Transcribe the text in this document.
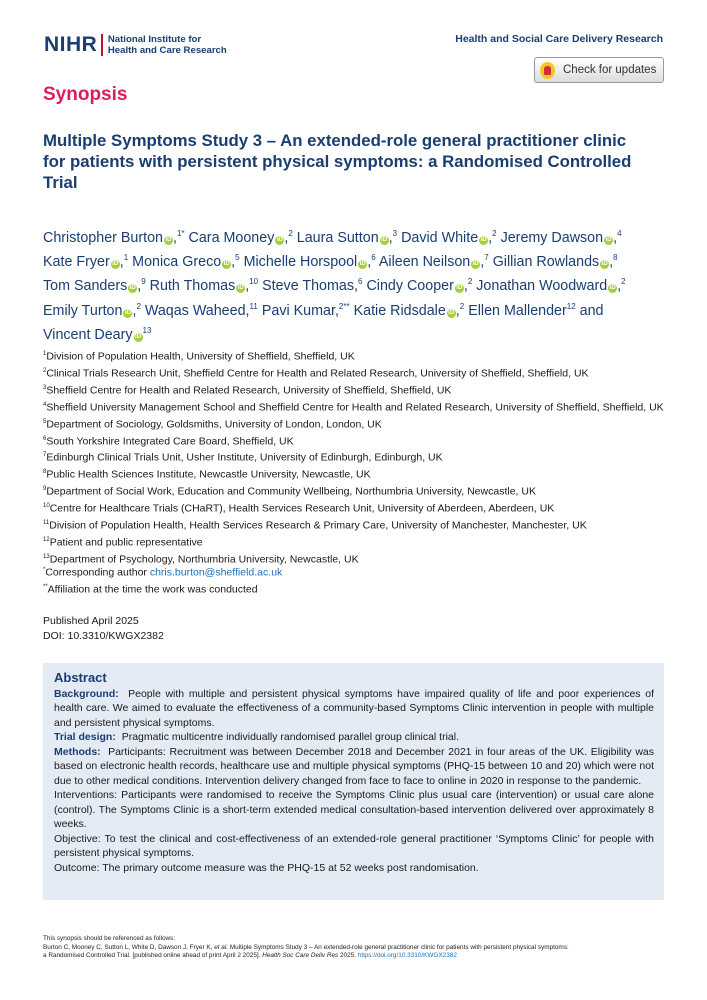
NIHR National Institute for
Health and Care Research
Health and Social Care Delivery Research
Check for updates
Synopsis
Multiple Symptoms Study 3 – An extended-role general practitioner clinic for patients with persistent physical symptoms: a Randomised Controlled Trial
Christopher Burton iD ,$^{1*}$ Cara Mooney iD ,$^2$ Laura Sutton iD ,$^3$ David White iD ,$^2$ Jeremy Dawson iD ,$^4$ Kate Fryer iD ,$^1$ Monica Greco iD ,$^5$ Michelle Horspool iD ,$^6$ Aileen Neilson iD ,$^7$ Gillian Rowlands iD ,$^8$ Tom Sanders iD ,$^9$ Ruth Thomas iD ,$^{10}$ Steve Thomas,$^6$ Cindy Cooper iD ,$^2$ Jonathan Woodward iD ,$^2$ Emily Turton iD ,$^2$ Waqas Waheed,$^{11}$ Pavi Kumar,$^{2**}$ Katie Ridsdale iD ,$^2$ Ellen Mallender$^{12}$ and Vincent Deary $iD^{13}$
$^1$Division of Population Health, University of Sheffield, Sheffield, UK
$^2$Clinical Trials Research Unit, Sheffield Centre for Health and Related Research, University of Sheffield, Sheffield, UK
$^3$Sheffield Centre for Health and Related Research, University of Sheffield, Sheffield, UK
$^4$Sheffield University Management School and Sheffield Centre for Health and Related Research, University of Sheffield, Sheffield, UK
$^5$Department of Sociology, Goldsmiths, University of London, London, UK
$^6$South Yorkshire Integrated Care Board, Sheffield, UK
$^7$Edinburgh Clinical Trials Unit, Usher Institute, University of Edinburgh, Edinburgh, UK
$^8$Public Health Sciences Institute, Newcastle University, Newcastle, UK
$^9$Department of Social Work, Education and Community Wellbeing, Northumbria University, Newcastle, UK
$^{10}$Centre for Healthcare Trials (CHaRT), Health Services Research Unit, University of Aberdeen, Aberdeen, UK
$^{11}$Division of Population Health, Health Services Research & Primary Care, University of Manchester, Manchester, UK
$^{12}$Patient and public representative
$^{13}$Department of Psychology, Northumbria University, Newcastle, UK
*Corresponding author chris.burton@sheffield.ac.uk
**Affiliation at the time the work was conducted
Published April 2025
DOI: 10.3310/KWGX2382
Abstract

Background: People with multiple and persistent physical symptoms have impaired quality of life and poor experiences of health care. We aimed to evaluate the effectiveness of a community-based Symptoms Clinic intervention in people with multiple and persistent physical symptoms.

Trial design: Pragmatic multicentre individually randomised parallel group clinical trial.

Methods: Participants: Recruitment was between December 2018 and December 2021 in four areas of the UK. Eligibility was based on electronic health records, healthcare use and multiple physical symptoms (PHQ-15 between 10 and 20) which were not due to other medical conditions. Intervention delivery changed from face to face to online in 2020 in response to the pandemic.

Interventions: Participants were randomised to receive the Symptoms Clinic plus usual care (intervention) or usual care alone (control). The Symptoms Clinic is a short-term extended medical consultation-based intervention delivered over approximately 8 weeks.

Objective: To test the clinical and cost-effectiveness of an extended-role general practitioner ‘Symptoms Clinic’ for people with persistent physical symptoms.

Outcome: The primary outcome measure was the PHQ-15 at 52 weeks post randomisation.

This synopsis should be referenced as follows:
Burton C, Mooney C, Sutton L, White D, Dawson J, Fryer K, et al. Multiple Symptoms Study 3 – An extended-role general practitioner clinic for patients with persistent physical symptoms:
a Randomised Controlled Trial. [published online ahead of print April 2 2025]. Health Soc Care Deliv Res 2025. https://doi.org/10.3310/KWGX2382
